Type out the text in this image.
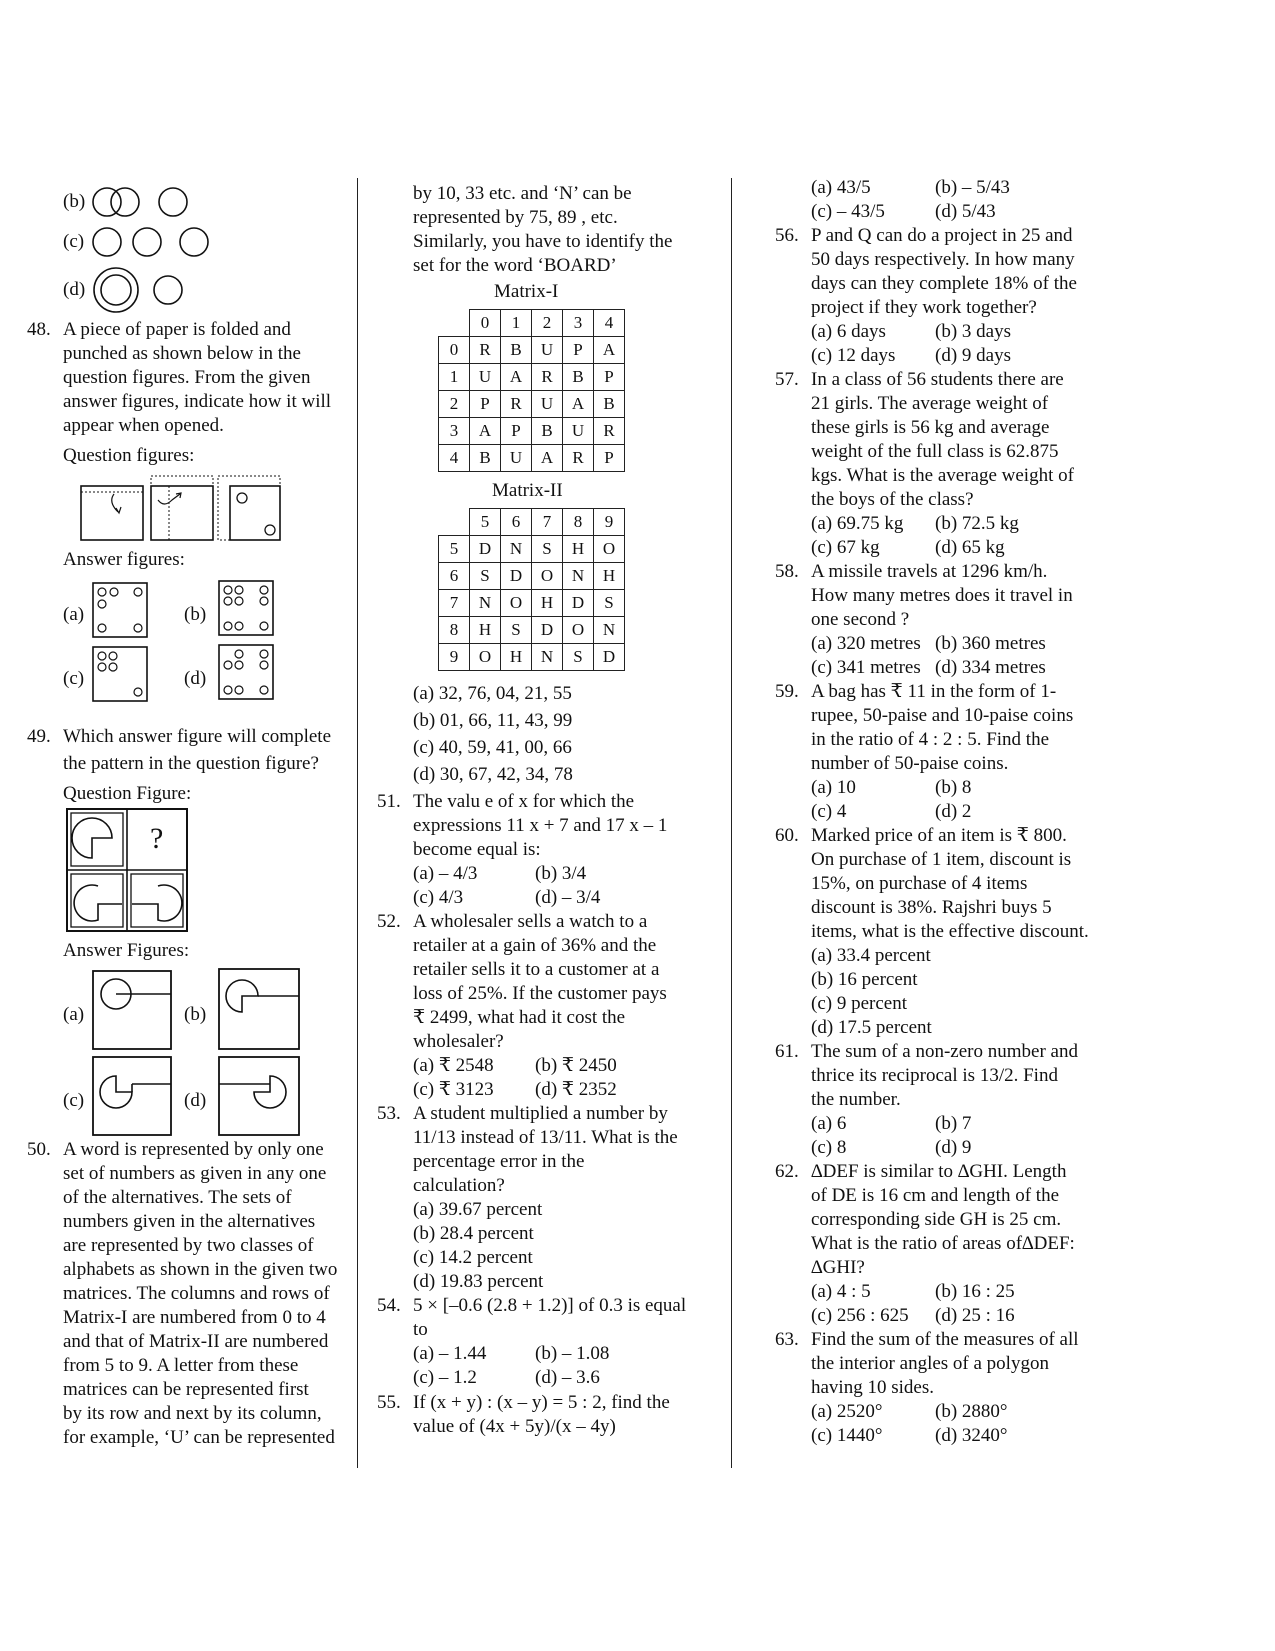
(b)
(c)
(d)
48. A piece of paper is folded and
punched as shown below in the
question figures. From the given
answer figures, indicate how it will
appear when opened.
Question figures:
Answer figures:
(a)	(b)
(c)	(d)
49. Which answer figure will complete
the pattern in the question figure?
Question Figure:
?
Answer Figures:
(a)	(b)
(c)	(d)
50. A word is represented by only one
set of numbers as given in any one
of the alternatives. The sets of
numbers given in the alternatives
are represented by two classes of
alphabets as shown in the given two
matrices. The columns and rows of
Matrix-I are numbered from 0 to 4
and that of Matrix-II are numbered
from 5 to 9. A letter from these
matrices can be represented first
by its row and next by its column,
for example, ‘U’ can be represented
by 10, 33 etc. and ‘N’ can be
represented by 75, 89 , etc.
Similarly, you have to identify the
set for the word ‘BOARD’
Matrix-I
	0	1	2	3	4
0	R	B	U	P	A
1	U	A	R	B	P
2	P	R	U	A	B
3	A	P	B	U	R
4	B	U	A	R	P
Matrix-II
	5	6	7	8	9
5	D	N	S	H	O
6	S	D	O	N	H
7	N	O	H	D	S
8	H	S	D	O	N
9	O	H	N	S	D
(a) 32, 76, 04, 21, 55
(b) 01, 66, 11, 43, 99
(c) 40, 59, 41, 00, 66
(d) 30, 67, 42, 34, 78
51. The valu e of x for which the
expressions 11 x + 7 and 17 x – 1
become equal is:
(a) – 4/3	(b) 3/4
(c) 4/3	(d) – 3/4
52. A wholesaler sells a watch to a
retailer at a gain of 36% and the
retailer sells it to a customer at a
loss of 25%. If the customer pays
₹ 2499, what had it cost the
wholesaler?
(a) ₹ 2548 (b) ₹ 2450
(c) ₹ 3123 (d) ₹ 2352
53. A student multiplied a number by
11/13 instead of 13/11. What is the
percentage error in the
calculation?
(a) 39.67 percent
(b) 28.4 percent
(c) 14.2 percent
(d) 19.83 percent
54. 5 × [–0.6 (2.8 + 1.2)] of 0.3 is equal
to
(a) – 1.44	(b) – 1.08
(c) – 1.2	(d) – 3.6
55. If (x + y) : (x – y) = 5 : 2, find the
value of (4x + 5y)/(x – 4y)
(a) 43/5	(b) – 5/43
(c) – 43/5	(d) 5/43
56. P and Q can do a project in 25 and
50 days respectively. In how many
days can they complete 18% of the
project if they work together?
(a) 6 days	(b) 3 days
(c) 12 days (d) 9 days
57. In a class of 56 students there are
21 girls. The average weight of
these girls is 56 kg and average
weight of the full class is 62.875
kgs. What is the average weight of
the boys of the class?
(a) 69.75 kg (b) 72.5 kg
(c) 67 kg	(d) 65 kg
58. A missile travels at 1296 km/h.
How many metres does it travel in
one second ?
(a) 320 metres (b) 360 metres
(c) 341 metres (d) 334 metres
59. A bag has ₹ 11 in the form of 1-
rupee, 50-paise and 10-paise coins
in the ratio of 4 : 2 : 5. Find the
number of 50-paise coins.
(a) 10	(b) 8
(c) 4	(d) 2
60. Marked price of an item is ₹ 800.
On purchase of 1 item, discount is
15%, on purchase of 4 items
discount is 38%. Rajshri buys 5
items, what is the effective discount.
(a) 33.4 percent
(b) 16 percent
(c) 9 percent
(d) 17.5 percent
61. The sum of a non-zero number and
thrice its reciprocal is 13/2. Find
the number.
(a) 6	(b) 7
(c) 8	(d) 9
62. ∆DEF is similar to ∆GHI. Length
of DE is 16 cm and length of the
corresponding side GH is 25 cm.
What is the ratio of areas of∆DEF:
∆GHI?
(a) 4 : 5	(b) 16 : 25
(c) 256 : 625 (d) 25 : 16
63. Find the sum of the measures of all
the interior angles of a polygon
having 10 sides.
(a) 2520°	(b) 2880°
(c) 1440°	(d) 3240°
